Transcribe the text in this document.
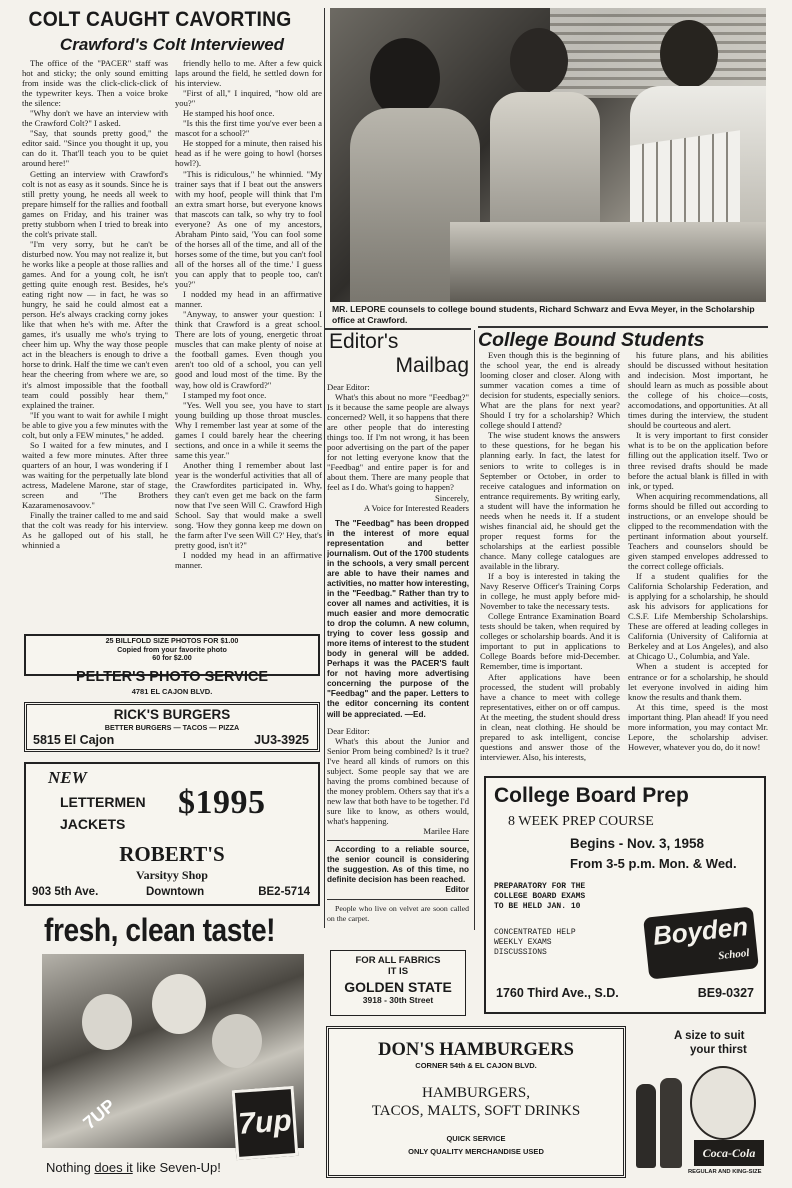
COLT CAUGHT CAVORTING
Crawford's Colt Interviewed

The office of the "PACER" staff was hot and sticky; the only sound emitting from inside was the click-click-click of the typewriter keys. Then a voice broke the silence:

"Why don't we have an interview with the Crawford Colt?" I asked.

"Say, that sounds pretty good," the editor said. "Since you thought it up, you can do it. That'll teach you to be quiet around here!"

Getting an interview with Crawford's colt is not as easy as it sounds. Since he is still pretty young, he needs all week to prepare himself for the rallies and football games on Friday, and his trainer was pretty stubborn when I tried to break into the colt's private stall.

"I'm very sorry, but he can't be disturbed now. You may not realize it, but he works like a people at those rallies and games. And for a young colt, he isn't getting quite enough rest. Besides, he's eating right now — in fact, he was so hungry, he said he could almost eat a person. He's always cracking corny jokes like that when he's with me. After the games, it's usually me who's trying to cheer him up. Why the way those people act in the bleachers is enough to drive a horse to drink. Half the time we can't even hear the cheering from where we are, so it's almost impossible that the football team could possibly hear them," explained the trainer.

"If you want to wait for awhile I might be able to give you a few minutes with the colt, but only a FEW minutes," he added.

So I waited for a few minutes, and I waited a few more minutes. After three quarters of an hour, I was wondering if I was waiting for the perpetually late blond actress, Madelene Marone, star of stage, screen and "The Brothers Kazaramenosavoov."

Finally the trainer called to me and said that the colt was ready for his interview. As he galloped out of his stall, he whinnied a

friendly hello to me. After a few quick laps around the field, he settled down for his interview.

"First of all," I inquired, "how old are you?"

He stamped his hoof once.

"Is this the first time you've ever been a mascot for a school?"

He stopped for a minute, then raised his head as if he were going to howl (horses howl?).

"This is ridiculous," he whinnied. "My trainer says that if I beat out the answers with my hoof, people will think that I'm an extra smart horse, but everyone knows that mascots can talk, so why try to fool everyone? As one of my ancestors, Abraham Pinto said, 'You can fool some of the horses all of the time, and all of the horses some of the time, but you can't fool all of the horses all of the time.' I guess you can apply that to people too, can't you?"

I nodded my head in an affirmative manner.

"Anyway, to answer your question: I think that Crawford is a great school. There are lots of young, energetic throat muscles that can make plenty of noise at the football games. Even though you aren't too old of a school, you can yell good and loud most of the time. By the way, how old is Crawford?"

I stamped my foot once.

"Yes. Well you see, you have to start young building up those throat muscles. Why I remember last year at some of the games I could barely hear the cheering sections, and once in a while it seems the same this year."

Another thing I remember about last year is the wonderful activities that all of the Crawfordites participated in. Why, they can't even get me back on the farm now that I've seen Will C. Crawford High School. Say that would make a swell song. 'How they gonna keep me down on the farm after I've seen Will C?' Hey, that's pretty good, isn't it?"

I nodded my head in an affirmative manner.

MR. LEPORE counsels to college bound students, Richard Schwarz and Evva Meyer, in the Scholarship office at Crawford.
Editor's
Mailbag

Dear Editor:

What's this about no more "Feedbag?" Is it because the same people are always concerned? Well, it so happens that there are other people that do interesting things too. If I'm not wrong, it has been poor advertising on the part of the paper for not letting everyone know that the "Feedbag" and entire paper is for and about them. There are many people that feel as I do. What's going to happen?

Sincerely,

A Voice for Interested Readers

The "Feedbag" has been dropped in the interest of more equal representation and better journalism. Out of the 1700 students in the schools, a very small percent are able to have their names and activities, no matter how interesting, in the "Feedbag." Rather than try to cover all names and activities, it is much easier and more democratic to drop the column. A new column, trying to cover less gossip and more items of interest to the student body in general will be added. Perhaps it was the PACER'S fault for not having more advertising concerning the purpose of the "Feedbag" and the paper. Letters to the editor concerning its content will be appreciated. —Ed.

Dear Editor:

What's this about the Junior and Senior Prom being combined? Is it true? I've heard all kinds of rumors on this subject. Some people say that we are having the proms combined because of the money problem. Others say that it's a new law that both have to be together. I'd sure like to know, as others would, what's happening.

Marilee Hare

According to a reliable source, the senior council is considering the suggestion. As of this time, no definite decision has been reached.

Editor

People who live on velvet are soon called on the carpet.

College Bound Students

Even though this is the beginning of the school year, the end is already looming closer and closer. Along with summer vacation comes a time of decision for students, especially seniors. What are the plans for next year? Should I try for a scholarship? Which college should I attend?

The wise student knows the answers to these questions, for he began his planning early. In fact, the latest for seniors to write to colleges is in September or October, in order to receive catalogues and information on entrance requirements. By writing early, a student will have the information he needs when he needs it. If a student wishes financial aid, he should get the proper request forms for the scholarships at the earliest possible chance. Many college catalogues are available in the library.

If a boy is interested in taking the Navy Reserve Officer's Training Corps in college, he must apply before mid-November to take the necessary tests.

College Entrance Examination Board tests should be taken, when required by colleges or scholarship boards. And it is important to put in applications to College Boards before mid-December. Remember, time is important.

After applications have been processed, the student will probably have a chance to meet with college representatives, either on or off campus. At the meeting, the student should dress in clean, neat clothing. He should be prepared to ask intelligent, concise questions and answer those of the interviewer. Also, his interests,

his future plans, and his abilities should be discussed without hesitation and indecision. Most important, he should learn as much as possible about the college of his choice—costs, accomodations, and opportunities. At all times during the interview, the student should be courteous and alert.

It is very important to first consider what is to be on the application before filling out the application itself. Two or three revised drafts should be made before the actual blank is filled in with ink, or typed.

When acquiring recommendations, all forms should be filled out according to instructions, or an envelope should be clipped to the recommendation with the pertinant information about yourself. Teachers and counselors should be given stamped envelopes addressed to the correct college officials.

If a student qualifies for the California Scholarship Federation, and is applying for a scholarship, he should ask his advisors for applications for C.S.F. Life Membership Scholarships. These are offered at leading colleges in California (University of California at Berkeley and at Los Angeles), and also at Chicago U., Columbia, and Yale.

When a student is accepted for entrance or for a scholarship, he should let everyone involved in aiding him know the results and thank them.

At this time, speed is the most important thing. Plan ahead! If you need more information, you may contact Mr. Lepore, the scholarship adviser. However, whatever you do, do it now!

25 BILLFOLD SIZE PHOTOS FOR $1.00
Copied from your favorite photo
60 for $2.00
PELTER'S PHOTO SERVICE
4781 EL CAJON BLVD.
RICK'S BURGERS
BETTER BURGERS — TACOS — PIZZA
5815 El Cajon	JU3-3925
NEW
LETTERMEN
JACKETS
$1995
ROBERT'S
Varsityy Shop
903 5th Ave.	Downtown	BE2-5714
fresh, clean taste!
7UP	7up
Nothing does it like Seven-Up!
FOR ALL FABRICS
IT IS
GOLDEN STATE
3918 - 30th Street
College Board Prep
8 WEEK PREP COURSE
Begins - Nov. 3, 1958
From 3-5 p.m. Mon. & Wed.
PREPARATORY FOR THE
COLLEGE BOARD EXAMS
TO BE HELD JAN. 10
CONCENTRATED HELP
WEEKLY EXAMS
DISCUSSIONS
Boyden
School
1760 Third Ave., S.D.	BE9-0327
DON'S HAMBURGERS
CORNER 54th & EL CAJON BLVD.
HAMBURGERS,
TACOS, MALTS, SOFT DRINKS
QUICK SERVICE
ONLY QUALITY MERCHANDISE USED
A size to suit
your thirst
Coca-Cola
REGULAR AND KING-SIZE
